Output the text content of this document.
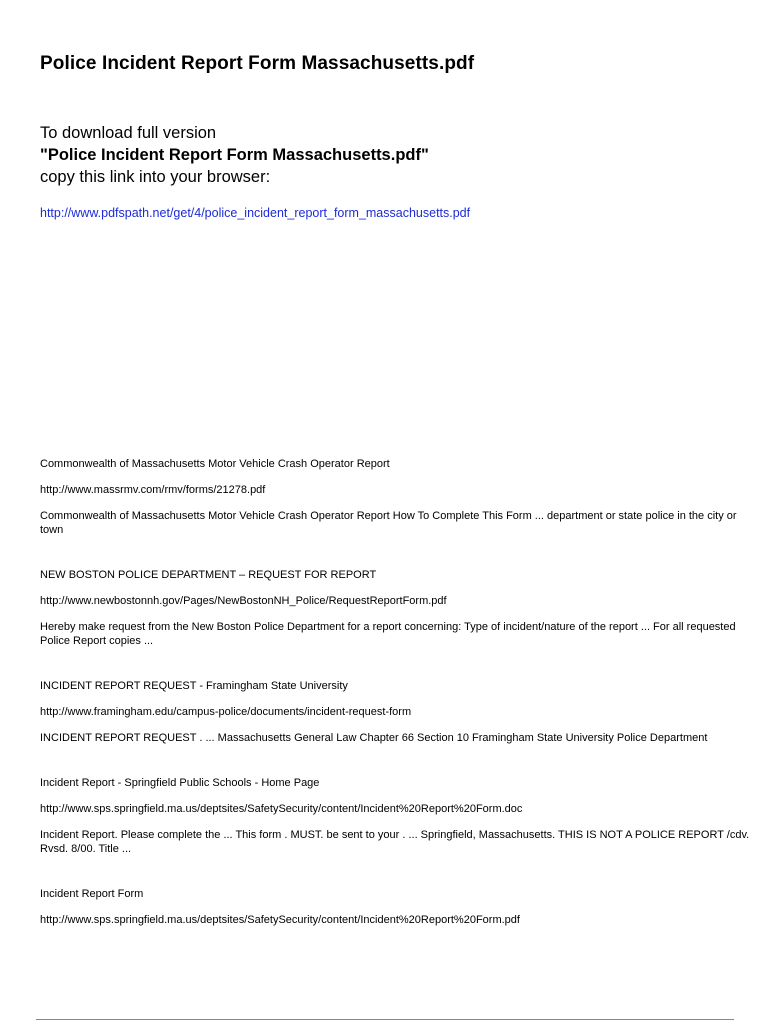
Police Incident Report Form Massachusetts.pdf
To download full version
"Police Incident Report Form Massachusetts.pdf"
copy this link into your browser:
http://www.pdfspath.net/get/4/police_incident_report_form_massachusetts.pdf
Commonwealth of Massachusetts Motor Vehicle Crash Operator Report
http://www.massrmv.com/rmv/forms/21278.pdf
Commonwealth of Massachusetts Motor Vehicle Crash Operator Report How To Complete This Form ... department or state police in the city or town
NEW BOSTON POLICE DEPARTMENT – REQUEST FOR REPORT
http://www.newbostonnh.gov/Pages/NewBostonNH_Police/RequestReportForm.pdf
Hereby make request from the New Boston Police Department for a report concerning: Type of incident/nature of the report ... For all requested Police Report copies ...
INCIDENT REPORT REQUEST - Framingham State University
http://www.framingham.edu/campus-police/documents/incident-request-form
INCIDENT REPORT REQUEST . ... Massachusetts General Law Chapter 66 Section 10 Framingham State University Police Department
Incident Report - Springfield Public Schools - Home Page
http://www.sps.springfield.ma.us/deptsites/SafetySecurity/content/Incident%20Report%20Form.doc
Incident Report. Please complete the ... This form . MUST. be sent to your . ... Springfield, Massachusetts. THIS IS NOT A POLICE REPORT /cdv. Rvsd. 8/00. Title ...
Incident Report Form
http://www.sps.springfield.ma.us/deptsites/SafetySecurity/content/Incident%20Report%20Form.pdf
